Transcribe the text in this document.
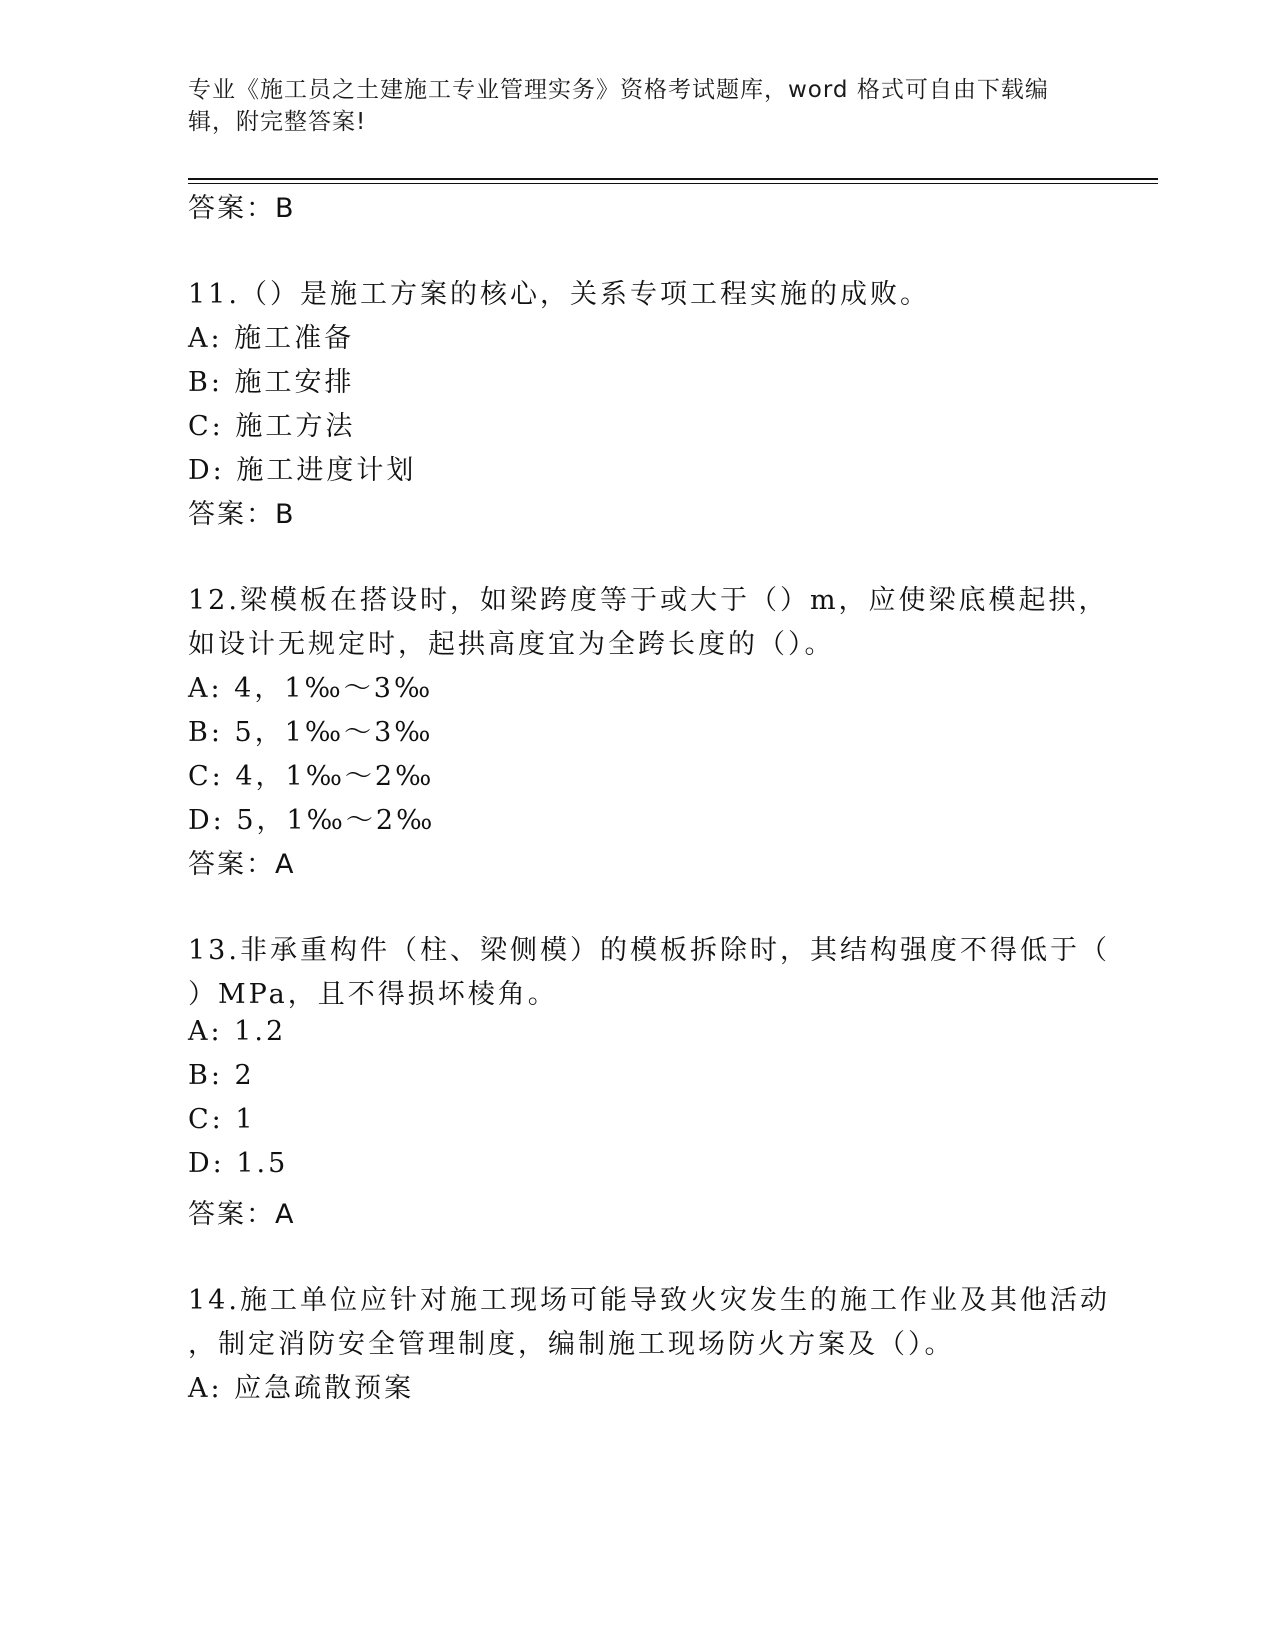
专业《施工员之土建施工专业管理实务》资格考试题库，word 格式可自由下载编辑，附完整答案!
答案：B
11.（）是施工方案的核心，关系专项工程实施的成败。
A: 施工准备
B: 施工安排
C: 施工方法
D: 施工进度计划
答案：B
12.梁模板在搭设时，如梁跨度等于或大于（）m，应使梁底模起拱，
如设计无规定时，起拱高度宜为全跨长度的（）。
A: 4，1‰～3‰
B: 5，1‰～3‰
C: 4，1‰～2‰
D: 5，1‰～2‰
答案：A
13.非承重构件（柱、梁侧模）的模板拆除时，其结构强度不得低于（
）MPa，且不得损坏棱角。
A: 1.2
B: 2
C: 1
D: 1.5
答案：A
14.施工单位应针对施工现场可能导致火灾发生的施工作业及其他活动
，制定消防安全管理制度，编制施工现场防火方案及（）。
A: 应急疏散预案
